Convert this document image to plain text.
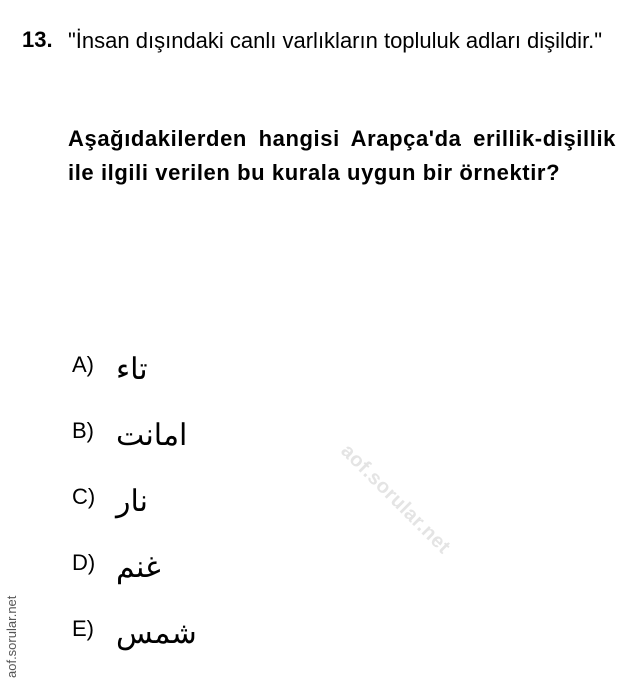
13. "İnsan dışındaki canlı varlıkların topluluk adları dişildir."
Aşağıdakilerden hangisi Arapça'da erillik-dişillik ile ilgili verilen bu kurala uygun bir örnektir?
A) تاء
B) امانت
C) نار
D) غنم
E) شمس
aof.sorular.net
aof.sorular.net
